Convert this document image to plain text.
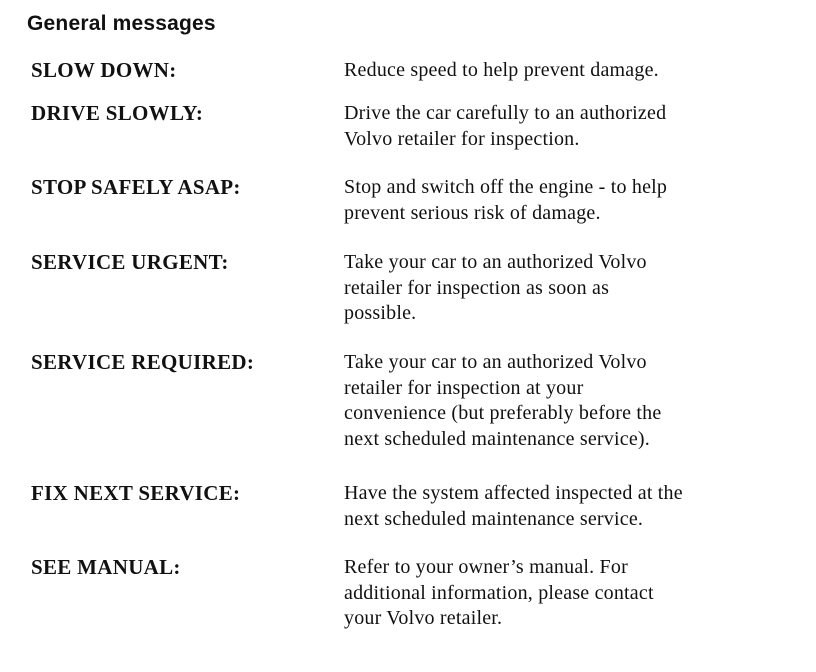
General messages
SLOW DOWN:	Reduce speed to help prevent damage.
DRIVE SLOWLY:	Drive the car carefully to an authorized
Volvo retailer for inspection.
STOP SAFELY ASAP:	Stop and switch off the engine - to help
prevent serious risk of damage.
SERVICE URGENT:	Take your car to an authorized Volvo
retailer for inspection as soon as
possible.
SERVICE REQUIRED:	Take your car to an authorized Volvo
retailer for inspection at your
convenience (but preferably before the
next scheduled maintenance service).
FIX NEXT SERVICE:	Have the system affected inspected at the
next scheduled maintenance service.
SEE MANUAL:	Refer to your owner’s manual. For
additional information, please contact
your Volvo retailer.
